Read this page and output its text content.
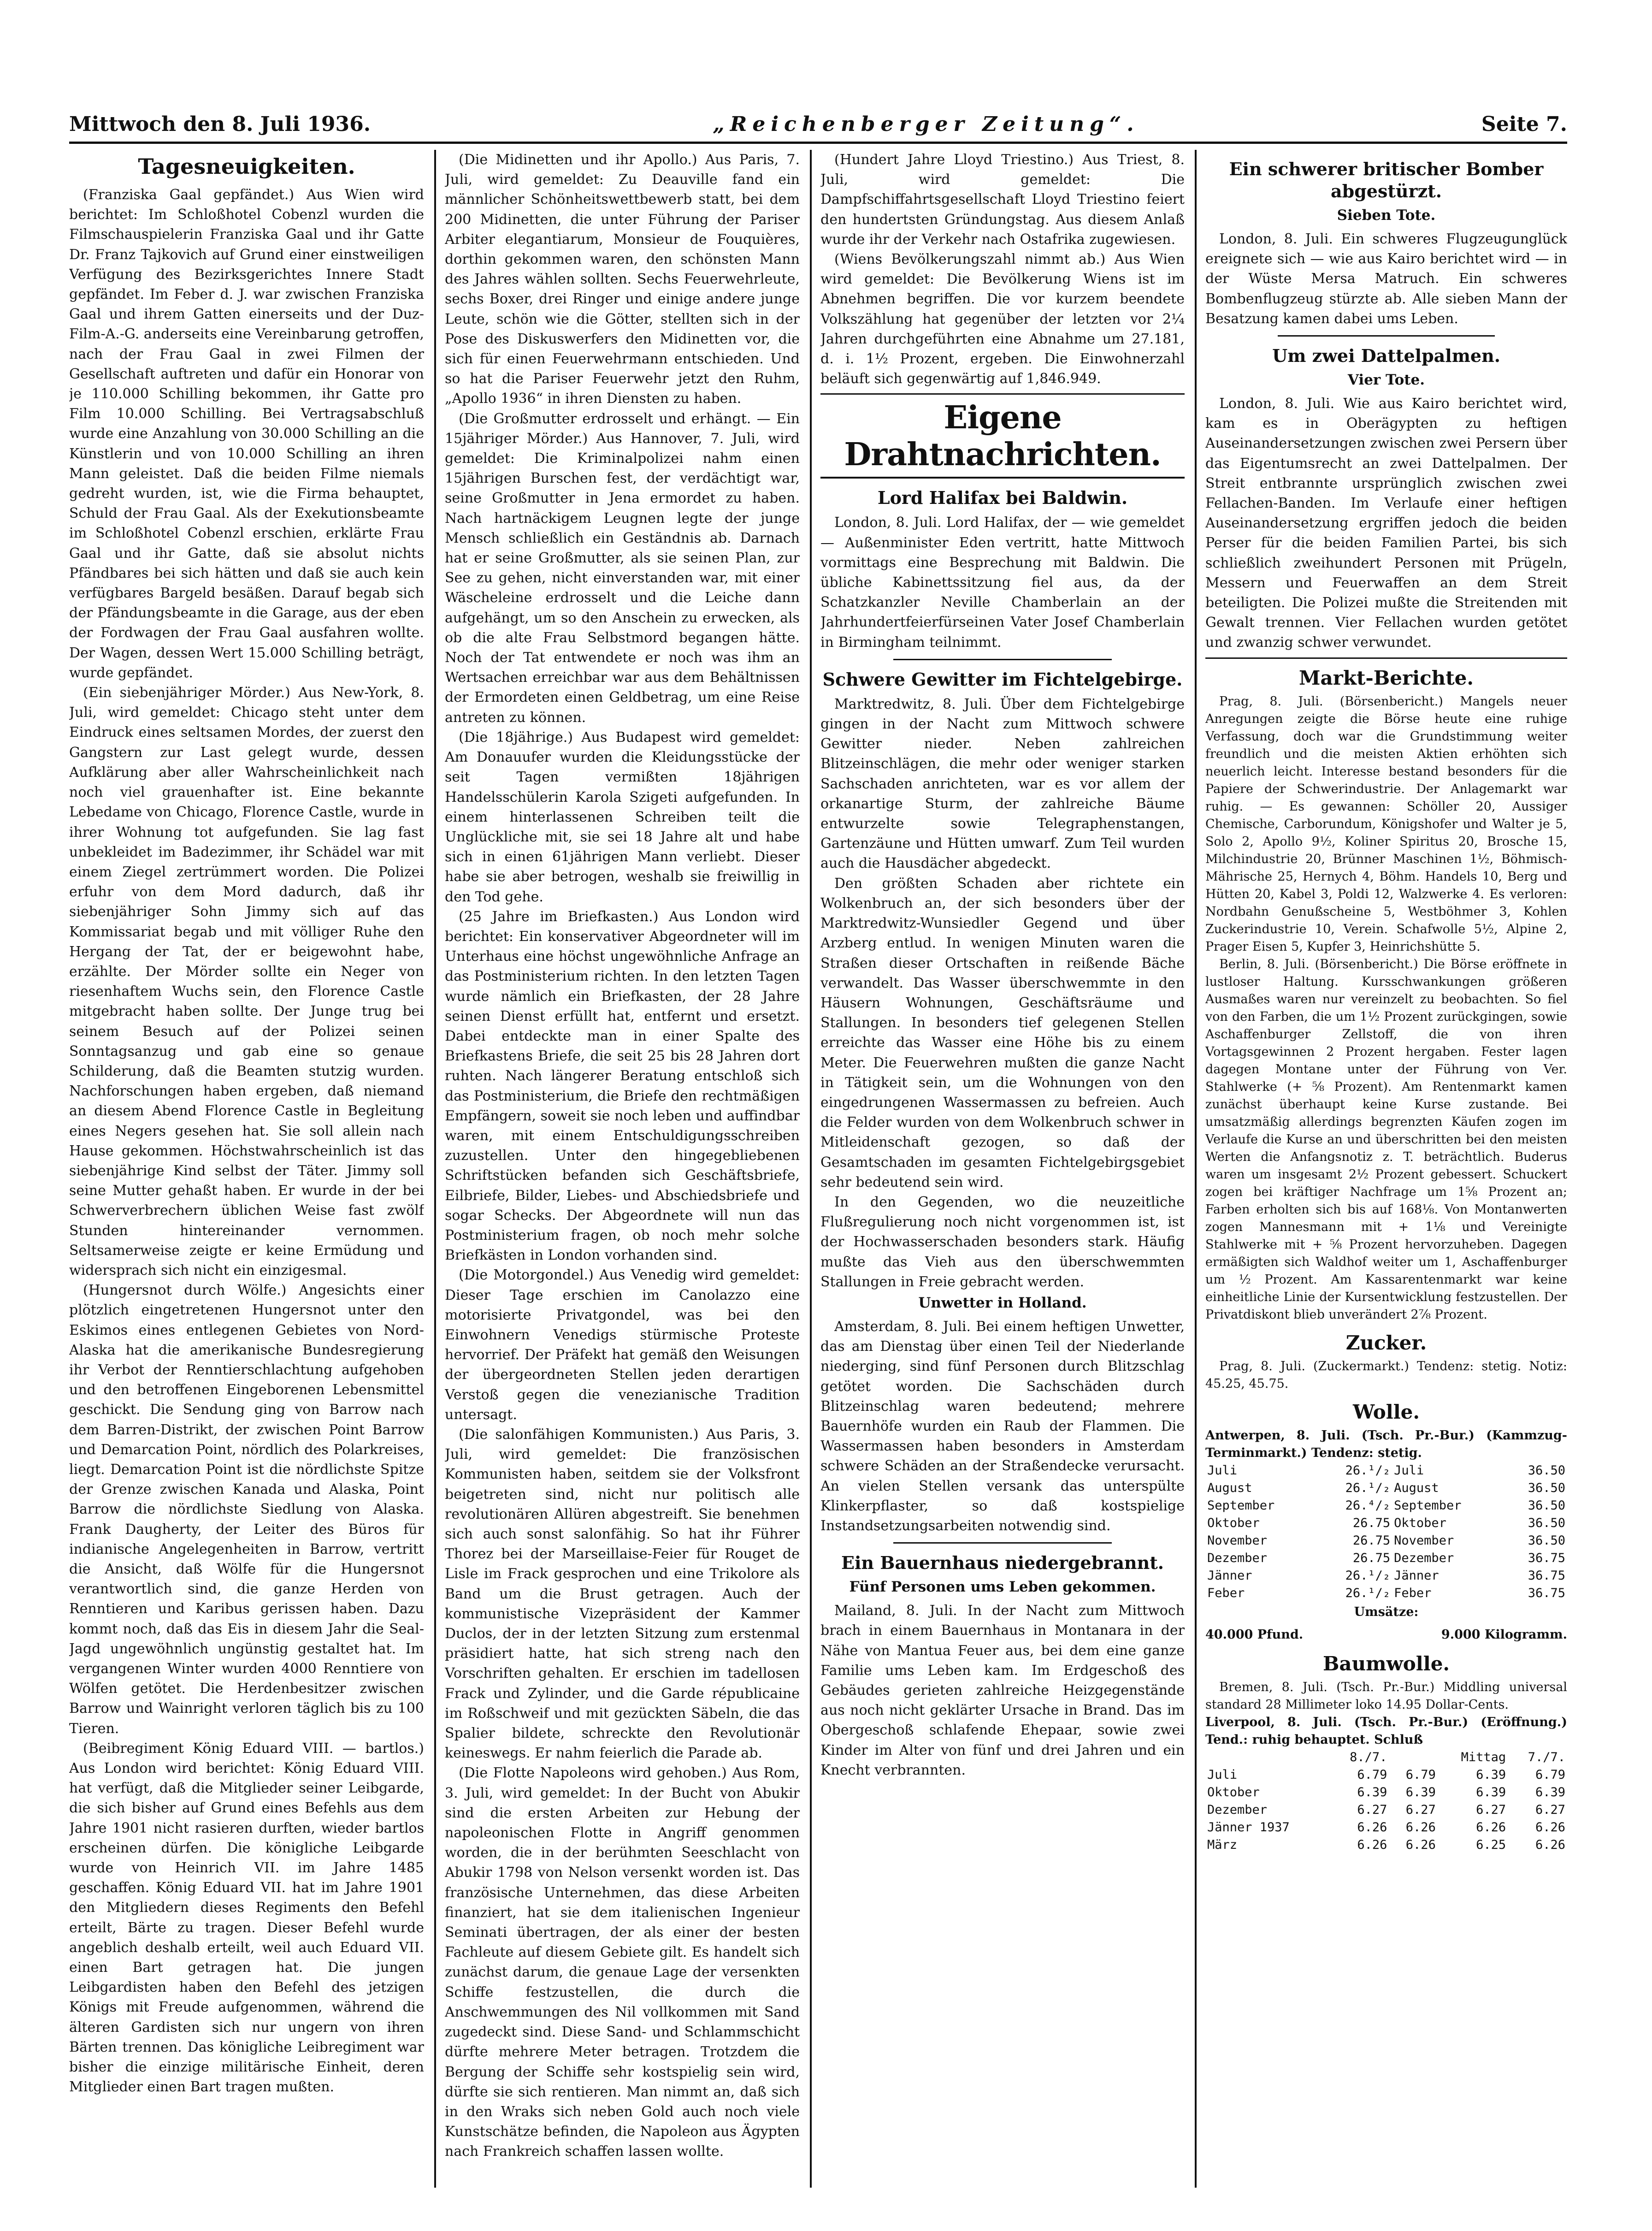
Mittwoch den 8. Juli 1936.	„Reichenberger Zeitung“.	Seite 7.
Tagesneuigkeiten.

(Franziska Gaal gepfändet.) Aus Wien wird berichtet: Im Schloßhotel Cobenzl wurden die Filmschauspielerin Franziska Gaal und ihr Gatte Dr. Franz Tajkovich auf Grund einer einstweiligen Verfügung des Bezirksgerichtes Innere Stadt gepfändet. Im Feber d. J. war zwischen Franziska Gaal und ihrem Gatten einerseits und der Duz-Film-A.-G. anderseits eine Vereinbarung getroffen, nach der Frau Gaal in zwei Filmen der Gesellschaft auftreten und dafür ein Honorar von je 110.000 Schilling bekommen, ihr Gatte pro Film 10.000 Schilling. Bei Vertragsabschluß wurde eine Anzahlung von 30.000 Schilling an die Künstlerin und von 10.000 Schilling an ihren Mann geleistet. Daß die beiden Filme niemals gedreht wurden, ist, wie die Firma behauptet, Schuld der Frau Gaal. Als der Exekutionsbeamte im Schloßhotel Cobenzl erschien, erklärte Frau Gaal und ihr Gatte, daß sie absolut nichts Pfändbares bei sich hätten und daß sie auch kein verfügbares Bargeld besäßen. Darauf begab sich der Pfändungsbeamte in die Garage, aus der eben der Fordwagen der Frau Gaal ausfahren wollte. Der Wagen, dessen Wert 15.000 Schilling beträgt, wurde gepfändet.

(Ein siebenjähriger Mörder.) Aus New-York, 8. Juli, wird gemeldet: Chicago steht unter dem Eindruck eines seltsamen Mordes, der zuerst den Gangstern zur Last gelegt wurde, dessen Aufklärung aber aller Wahrscheinlichkeit nach noch viel grauenhafter ist. Eine bekannte Lebedame von Chicago, Florence Castle, wurde in ihrer Wohnung tot aufgefunden. Sie lag fast unbekleidet im Badezimmer, ihr Schädel war mit einem Ziegel zertrümmert worden. Die Polizei erfuhr von dem Mord dadurch, daß ihr siebenjähriger Sohn Jimmy sich auf das Kommissariat begab und mit völliger Ruhe den Hergang der Tat, der er beigewohnt habe, erzählte. Der Mörder sollte ein Neger von riesenhaftem Wuchs sein, den Florence Castle mitgebracht haben sollte. Der Junge trug bei seinem Besuch auf der Polizei seinen Sonntagsanzug und gab eine so genaue Schilderung, daß die Beamten stutzig wurden. Nachforschungen haben ergeben, daß niemand an diesem Abend Florence Castle in Begleitung eines Negers gesehen hat. Sie soll allein nach Hause gekommen. Höchstwahrscheinlich ist das siebenjährige Kind selbst der Täter. Jimmy soll seine Mutter gehaßt haben. Er wurde in der bei Schwerverbrechern üblichen Weise fast zwölf Stunden hintereinander vernommen. Seltsamerweise zeigte er keine Ermüdung und widersprach sich nicht ein einzigesmal.

(Hungersnot durch Wölfe.) Angesichts einer plötzlich eingetretenen Hungersnot unter den Eskimos eines entlegenen Gebietes von Nord-Alaska hat die amerikanische Bundesregierung ihr Verbot der Renntierschlachtung aufgehoben und den betroffenen Eingeborenen Lebensmittel geschickt. Die Sendung ging von Barrow nach dem Barren-Distrikt, der zwischen Point Barrow und Demarcation Point, nördlich des Polarkreises, liegt. Demarcation Point ist die nördlichste Spitze der Grenze zwischen Kanada und Alaska, Point Barrow die nördlichste Siedlung von Alaska. Frank Daugherty, der Leiter des Büros für indianische Angelegenheiten in Barrow, vertritt die Ansicht, daß Wölfe für die Hungersnot verantwortlich sind, die ganze Herden von Renntieren und Karibus gerissen haben. Dazu kommt noch, daß das Eis in diesem Jahr die Seal-Jagd ungewöhnlich ungünstig gestaltet hat. Im vergangenen Winter wurden 4000 Renntiere von Wölfen getötet. Die Herdenbesitzer zwischen Barrow und Wainright verloren täglich bis zu 100 Tieren.

(Beibregiment König Eduard VIII. — bartlos.) Aus London wird berichtet: König Eduard VIII. hat verfügt, daß die Mitglieder seiner Leibgarde, die sich bisher auf Grund eines Befehls aus dem Jahre 1901 nicht rasieren durften, wieder bartlos erscheinen dürfen. Die königliche Leibgarde wurde von Heinrich VII. im Jahre 1485 geschaffen. König Eduard VII. hat im Jahre 1901 den Mitgliedern dieses Regiments den Befehl erteilt, Bärte zu tragen. Dieser Befehl wurde angeblich deshalb erteilt, weil auch Eduard VII. einen Bart getragen hat. Die jungen Leibgardisten haben den Befehl des jetzigen Königs mit Freude aufgenommen, während die älteren Gardisten sich nur ungern von ihren Bärten trennen. Das königliche Leibregiment war bisher die einzige militärische Einheit, deren Mitglieder einen Bart tragen mußten.

(Die Midinetten und ihr Apollo.) Aus Paris, 7. Juli, wird gemeldet: Zu Deauville fand ein männlicher Schönheitswettbewerb statt, bei dem 200 Midinetten, die unter Führung der Pariser Arbiter elegantiarum, Monsieur de Fouquières, dorthin gekommen waren, den schönsten Mann des Jahres wählen sollten. Sechs Feuerwehrleute, sechs Boxer, drei Ringer und einige andere junge Leute, schön wie die Götter, stellten sich in der Pose des Diskuswerfers den Midinetten vor, die sich für einen Feuerwehrmann entschieden. Und so hat die Pariser Feuerwehr jetzt den Ruhm, „Apollo 1936“ in ihren Diensten zu haben.

(Die Großmutter erdrosselt und erhängt. — Ein 15jähriger Mörder.) Aus Hannover, 7. Juli, wird gemeldet: Die Kriminalpolizei nahm einen 15jährigen Burschen fest, der verdächtigt war, seine Großmutter in Jena ermordet zu haben. Nach hartnäckigem Leugnen legte der junge Mensch schließlich ein Geständnis ab. Darnach hat er seine Großmutter, als sie seinen Plan, zur See zu gehen, nicht einverstanden war, mit einer Wäscheleine erdrosselt und die Leiche dann aufgehängt, um so den Anschein zu erwecken, als ob die alte Frau Selbstmord begangen hätte. Noch der Tat entwendete er noch was ihm an Wertsachen erreichbar war aus dem Behältnissen der Ermordeten einen Geldbetrag, um eine Reise antreten zu können.

(Die 18jährige.) Aus Budapest wird gemeldet: Am Donauufer wurden die Kleidungsstücke der seit Tagen vermißten 18jährigen Handelsschülerin Karola Szigeti aufgefunden. In einem hinterlassenen Schreiben teilt die Unglückliche mit, sie sei 18 Jahre alt und habe sich in einen 61jährigen Mann verliebt. Dieser habe sie aber betrogen, weshalb sie freiwillig in den Tod gehe.

(25 Jahre im Briefkasten.) Aus London wird berichtet: Ein konservativer Abgeordneter will im Unterhaus eine höchst ungewöhnliche Anfrage an das Postministerium richten. In den letzten Tagen wurde nämlich ein Briefkasten, der 28 Jahre seinen Dienst erfüllt hat, entfernt und ersetzt. Dabei entdeckte man in einer Spalte des Briefkastens Briefe, die seit 25 bis 28 Jahren dort ruhten. Nach längerer Beratung entschloß sich das Postministerium, die Briefe den rechtmäßigen Empfängern, soweit sie noch leben und auffindbar waren, mit einem Entschuldigungsschreiben zuzustellen. Unter den hingegebliebenen Schriftstücken befanden sich Geschäftsbriefe, Eilbriefe, Bilder, Liebes- und Abschiedsbriefe und sogar Schecks. Der Abgeordnete will nun das Postministerium fragen, ob noch mehr solche Briefkästen in London vorhanden sind.

(Die Motorgondel.) Aus Venedig wird gemeldet: Dieser Tage erschien im Canolazzo eine motorisierte Privatgondel, was bei den Einwohnern Venedigs stürmische Proteste hervorrief. Der Präfekt hat gemäß den Weisungen der übergeordneten Stellen jeden derartigen Verstoß gegen die venezianische Tradition untersagt.

(Die salonfähigen Kommunisten.) Aus Paris, 3. Juli, wird gemeldet: Die französischen Kommunisten haben, seitdem sie der Volksfront beigetreten sind, nicht nur politisch alle revolutionären Allüren abgestreift. Sie benehmen sich auch sonst salonfähig. So hat ihr Führer Thorez bei der Marseillaise-Feier für Rouget de Lisle im Frack gesprochen und eine Trikolore als Band um die Brust getragen. Auch der kommunistische Vizepräsident der Kammer Duclos, der in der letzten Sitzung zum erstenmal präsidiert hatte, hat sich streng nach den Vorschriften gehalten. Er erschien im tadellosen Frack und Zylinder, und die Garde républicaine im Roßschweif und mit gezückten Säbeln, die das Spalier bildete, schreckte den Revolutionär keineswegs. Er nahm feierlich die Parade ab.

(Die Flotte Napoleons wird gehoben.) Aus Rom, 3. Juli, wird gemeldet: In der Bucht von Abukir sind die ersten Arbeiten zur Hebung der napoleonischen Flotte in Angriff genommen worden, die in der berühmten Seeschlacht von Abukir 1798 von Nelson versenkt worden ist. Das französische Unternehmen, das diese Arbeiten finanziert, hat sie dem italienischen Ingenieur Seminati übertragen, der als einer der besten Fachleute auf diesem Gebiete gilt. Es handelt sich zunächst darum, die genaue Lage der versenkten Schiffe festzustellen, die durch die Anschwemmungen des Nil vollkommen mit Sand zugedeckt sind. Diese Sand- und Schlammschicht dürfte mehrere Meter betragen. Trotzdem die Bergung der Schiffe sehr kostspielig sein wird, dürfte sie sich rentieren. Man nimmt an, daß sich in den Wraks sich neben Gold auch noch viele Kunstschätze befinden, die Napoleon aus Ägypten nach Frankreich schaffen lassen wollte.

(Hundert Jahre Lloyd Triestino.) Aus Triest, 8. Juli, wird gemeldet: Die Dampfschiffahrtsgesellschaft Lloyd Triestino feiert den hundertsten Gründungstag. Aus diesem Anlaß wurde ihr der Verkehr nach Ostafrika zugewiesen.

(Wiens Bevölkerungszahl nimmt ab.) Aus Wien wird gemeldet: Die Bevölkerung Wiens ist im Abnehmen begriffen. Die vor kurzem beendete Volkszählung hat gegenüber der letzten vor 2¼ Jahren durchgeführten eine Abnahme um 27.181, d. i. 1½ Prozent, ergeben. Die Einwohnerzahl beläuft sich gegenwärtig auf 1,846.949.

Eigene Drahtnachrichten.
Lord Halifax bei Baldwin.

London, 8. Juli. Lord Halifax, der — wie gemeldet — Außenminister Eden vertritt, hatte Mittwoch vormittags eine Besprechung mit Baldwin. Die übliche Kabinettssitzung fiel aus, da der Schatzkanzler Neville Chamberlain an der Jahrhundertfeierfürseinen Vater Josef Chamberlain in Birmingham teilnimmt.

Schwere Gewitter im Fichtelgebirge.

Marktredwitz, 8. Juli. Über dem Fichtelgebirge gingen in der Nacht zum Mittwoch schwere Gewitter nieder. Neben zahlreichen Blitzeinschlägen, die mehr oder weniger starken Sachschaden anrichteten, war es vor allem der orkanartige Sturm, der zahlreiche Bäume entwurzelte sowie Telegraphenstangen, Gartenzäune und Hütten umwarf. Zum Teil wurden auch die Hausdächer abgedeckt.

Den größten Schaden aber richtete ein Wolkenbruch an, der sich besonders über der Marktredwitz-Wunsiedler Gegend und über Arzberg entlud. In wenigen Minuten waren die Straßen dieser Ortschaften in reißende Bäche verwandelt. Das Wasser überschwemmte in den Häusern Wohnungen, Geschäftsräume und Stallungen. In besonders tief gelegenen Stellen erreichte das Wasser eine Höhe bis zu einem Meter. Die Feuerwehren mußten die ganze Nacht in Tätigkeit sein, um die Wohnungen von den eingedrungenen Wassermassen zu befreien. Auch die Felder wurden von dem Wolkenbruch schwer in Mitleidenschaft gezogen, so daß der Gesamtschaden im gesamten Fichtelgebirgsgebiet sehr bedeutend sein wird.

In den Gegenden, wo die neuzeitliche Flußregulierung noch nicht vorgenommen ist, ist der Hochwasserschaden besonders stark. Häufig mußte das Vieh aus den überschwemmten Stallungen in Freie gebracht werden.

Unwetter in Holland.

Amsterdam, 8. Juli. Bei einem heftigen Unwetter, das am Dienstag über einen Teil der Niederlande niederging, sind fünf Personen durch Blitzschlag getötet worden. Die Sachschäden durch Blitzeinschlag waren bedeutend; mehrere Bauernhöfe wurden ein Raub der Flammen. Die Wassermassen haben besonders in Amsterdam schwere Schäden an der Straßendecke verursacht. An vielen Stellen versank das unterspülte Klinkerpflaster, so daß kostspielige Instandsetzungsarbeiten notwendig sind.

Ein Bauernhaus niedergebrannt.
Fünf Personen ums Leben gekommen.

Mailand, 8. Juli. In der Nacht zum Mittwoch brach in einem Bauernhaus in Montanara in der Nähe von Mantua Feuer aus, bei dem eine ganze Familie ums Leben kam. Im Erdgeschoß des Gebäudes gerieten zahlreiche Heizgegenstände aus noch nicht geklärter Ursache in Brand. Das im Obergeschoß schlafende Ehepaar, sowie zwei Kinder im Alter von fünf und drei Jahren und ein Knecht verbrannten.

Ein schwerer britischer Bomber abgestürzt.
Sieben Tote.

London, 8. Juli. Ein schweres Flugzeugunglück ereignete sich — wie aus Kairo berichtet wird — in der Wüste Mersa Matruch. Ein schweres Bombenflugzeug stürzte ab. Alle sieben Mann der Besatzung kamen dabei ums Leben.

Um zwei Dattelpalmen.
Vier Tote.

London, 8. Juli. Wie aus Kairo berichtet wird, kam es in Oberägypten zu heftigen Auseinandersetzungen zwischen zwei Persern über das Eigentumsrecht an zwei Dattelpalmen. Der Streit entbrannte ursprünglich zwischen zwei Fellachen-Banden. Im Verlaufe einer heftigen Auseinandersetzung ergriffen jedoch die beiden Perser für die beiden Familien Partei, bis sich schließlich zweihundert Personen mit Prügeln, Messern und Feuerwaffen an dem Streit beteiligten. Die Polizei mußte die Streitenden mit Gewalt trennen. Vier Fellachen wurden getötet und zwanzig schwer verwundet.

Markt-Berichte.

Prag, 8. Juli. (Börsenbericht.) Mangels neuer Anregungen zeigte die Börse heute eine ruhige Verfassung, doch war die Grundstimmung weiter freundlich und die meisten Aktien erhöhten sich neuerlich leicht. Interesse bestand besonders für die Papiere der Schwerindustrie. Der Anlagemarkt war ruhig. — Es gewannen: Schöller 20, Aussiger Chemische, Carborundum, Königshofer und Walter je 5, Solo 2, Apollo 9½, Koliner Spiritus 20, Brosche 15, Milchindustrie 20, Brünner Maschinen 1½, Böhmisch-Mährische 25, Hernych 4, Böhm. Handels 10, Berg und Hütten 20, Kabel 3, Poldi 12, Walzwerke 4. Es verloren: Nordbahn Genußscheine 5, Westböhmer 3, Kohlen Zuckerindustrie 10, Verein. Schafwolle 5½, Alpine 2, Prager Eisen 5, Kupfer 3, Heinrichshütte 5.

Berlin, 8. Juli. (Börsenbericht.) Die Börse eröffnete in lustloser Haltung. Kursschwankungen größeren Ausmaßes waren nur vereinzelt zu beobachten. So fiel von den Farben, die um 1½ Prozent zurückgingen, sowie Aschaffenburger Zellstoff, die von ihren Vortagsgewinnen 2 Prozent hergaben. Fester lagen dagegen Montane unter der Führung von Ver. Stahlwerke (+ ⅝ Prozent). Am Rentenmarkt kamen zunächst überhaupt keine Kurse zustande. Bei umsatzmäßig allerdings begrenzten Käufen zogen im Verlaufe die Kurse an und überschritten bei den meisten Werten die Anfangsnotiz z. T. beträchtlich. Buderus waren um insgesamt 2½ Prozent gebessert. Schuckert zogen bei kräftiger Nachfrage um 1⅝ Prozent an; Farben erholten sich bis auf 168⅛. Von Montanwerten zogen Mannesmann mit + 1⅛ und Vereinigte Stahlwerke mit + ⅝ Prozent hervorzuheben. Dagegen ermäßigten sich Waldhof weiter um 1, Aschaffenburger um ½ Prozent. Am Kassarentenmarkt war keine einheitliche Linie der Kursentwicklung festzustellen. Der Privatdiskont blieb unverändert 2⅞ Prozent.

Zucker.

Prag, 8. Juli. (Zuckermarkt.) Tendenz: stetig. Notiz: 45.25, 45.75.

Wolle.
Antwerpen, 8. Juli. (Tsch. Pr.-Bur.) (Kammzug-Terminmarkt.) Tendenz: stetig.
Juli	26.¹/₂	Juli	36.50
August	26.¹/₂	August	36.50
September	26.⁴/₂	September	36.50
Oktober	26.75	Oktober	36.50
November	26.75	November	36.50
Dezember	26.75	Dezember	36.75
Jänner	26.¹/₂	Jänner	36.75
Feber	26.¹/₂	Feber	36.75
Umsätze:
40.000 Pfund.	9.000 Kilogramm.
Baumwolle.

Bremen, 8. Juli. (Tsch. Pr.-Bur.) Middling universal standard 28 Millimeter loko 14.95 Dollar-Cents.

Liverpool, 8. Juli. (Tsch. Pr.-Bur.) (Eröffnung.) Tend.: ruhig behauptet. Schluß
	8./7.		Mittag	7./7.
Juli	6.79	6.79	6.39	6.79
Oktober	6.39	6.39	6.39	6.39
Dezember	6.27	6.27	6.27	6.27
Jänner 1937	6.26	6.26	6.26	6.26
März	6.26	6.26	6.25	6.26
